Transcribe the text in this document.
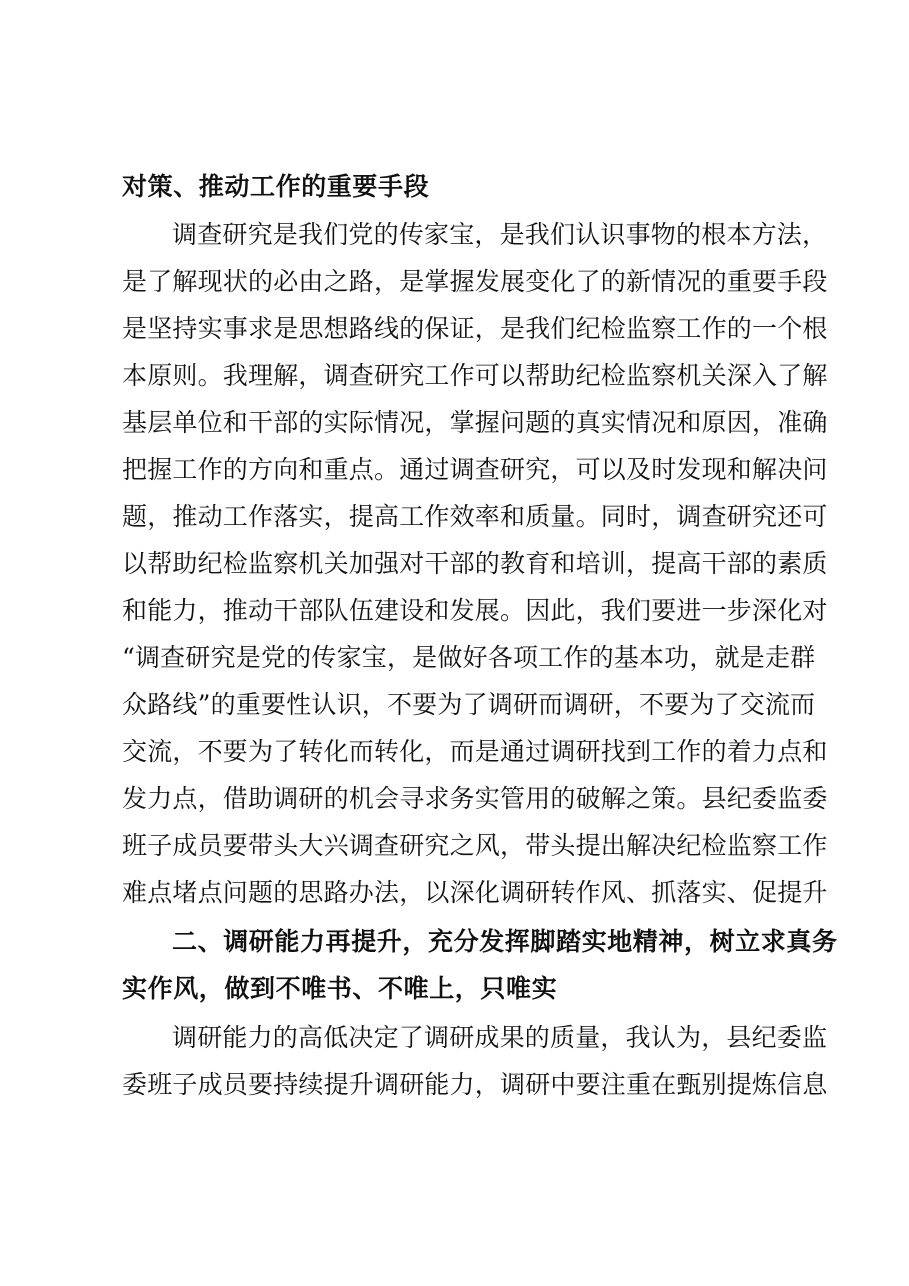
对策、推动工作的重要手段
调查研究是我们党的传家宝，是我们认识事物的根本方法，
是了解现状的必由之路，是掌握发展变化了的新情况的重要手段
是坚持实事求是思想路线的保证，是我们纪检监察工作的一个根
本原则。我理解，调查研究工作可以帮助纪检监察机关深入了解
基层单位和干部的实际情况，掌握问题的真实情况和原因，准确
把握工作的方向和重点。通过调查研究，可以及时发现和解决问
题，推动工作落实，提高工作效率和质量。同时，调查研究还可
以帮助纪检监察机关加强对干部的教育和培训，提高干部的素质
和能力，推动干部队伍建设和发展。因此，我们要进一步深化对
“调查研究是党的传家宝，是做好各项工作的基本功，就是走群
众路线”的重要性认识，不要为了调研而调研，不要为了交流而
交流，不要为了转化而转化，而是通过调研找到工作的着力点和
发力点，借助调研的机会寻求务实管用的破解之策。县纪委监委
班子成员要带头大兴调查研究之风，带头提出解决纪检监察工作
难点堵点问题的思路办法，以深化调研转作风、抓落实、促提升
二、调研能力再提升，充分发挥脚踏实地精神，树立求真务
实作风，做到不唯书、不唯上，只唯实
调研能力的高低决定了调研成果的质量，我认为，县纪委监
委班子成员要持续提升调研能力，调研中要注重在甄别提炼信息
